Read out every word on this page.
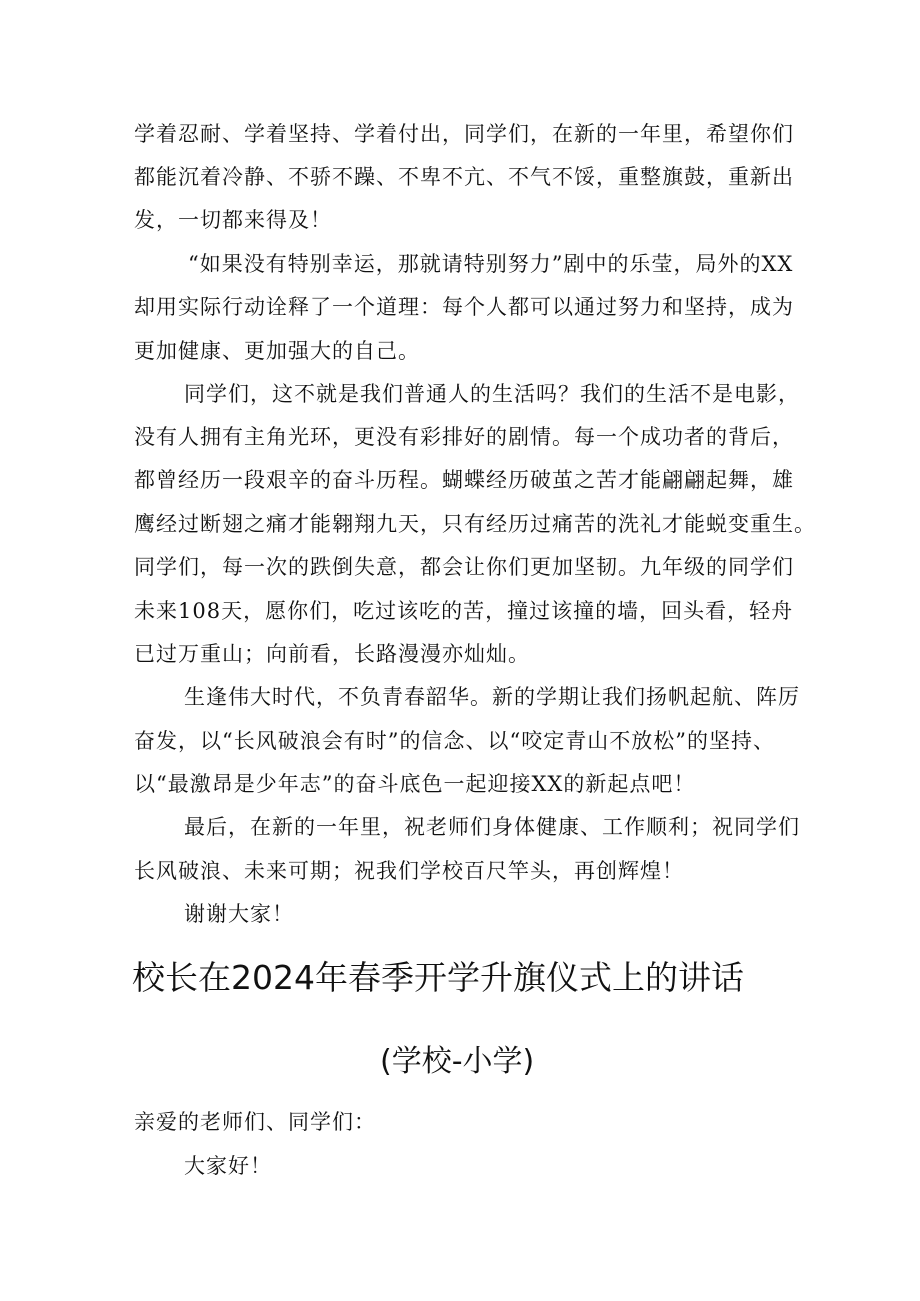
学着忍耐、学着坚持、学着付出，同学们，在新的一年里，希望你们
都能沉着冷静、不骄不躁、不卑不亢、不气不馁，重整旗鼓，重新出
发，一切都来得及！
“如果没有特别幸运，那就请特别努力”剧中的乐莹，局外的XX
却用实际行动诠释了一个道理：每个人都可以通过努力和坚持，成为
更加健康、更加强大的自己。
同学们，这不就是我们普通人的生活吗？我们的生活不是电影，
没有人拥有主角光环，更没有彩排好的剧情。每一个成功者的背后，
都曾经历一段艰辛的奋斗历程。蝴蝶经历破茧之苦才能翩翩起舞，雄
鹰经过断翅之痛才能翱翔九天，只有经历过痛苦的洗礼才能蜕变重生。
同学们，每一次的跌倒失意，都会让你们更加坚韧。九年级的同学们
未来108天，愿你们，吃过该吃的苦，撞过该撞的墙，回头看，轻舟
已过万重山；向前看，长路漫漫亦灿灿。
生逢伟大时代，不负青春韶华。新的学期让我们扬帆起航、阵厉
奋发，以“长风破浪会有时”的信念、以“咬定青山不放松”的坚持、
以“最激昂是少年志”的奋斗底色一起迎接XX的新起点吧！
最后，在新的一年里，祝老师们身体健康、工作顺利；祝同学们
长风破浪、未来可期；祝我们学校百尺竿头，再创辉煌！
谢谢大家！
校长在2024年春季开学升旗仪式上的讲话
(学校-小学)
亲爱的老师们、同学们：
大家好！
